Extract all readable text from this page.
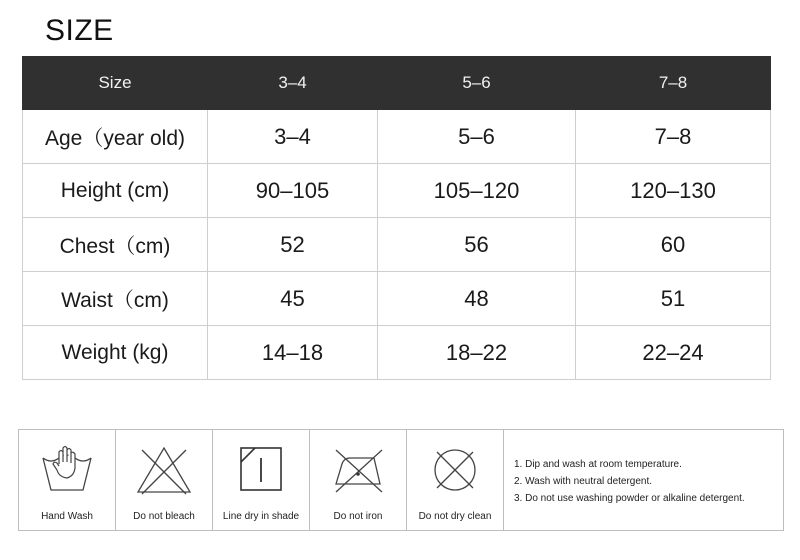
SIZE
Size	3–4	5–6	7–8
Age（year old)	3–4	5–6	7–8
Height (cm)	90–105	105–120	120–130
Chest（cm)	52	56	60
Waist（cm)	45	48	51
Weight (kg)	14–18	18–22	22–24
Hand Wash	Do not bleach	Line dry in shade	Do not iron	Do not dry clean
1. Dip and wash at room temperature.
2. Wash with neutral detergent.
3. Do not use washing powder or alkaline detergent.
